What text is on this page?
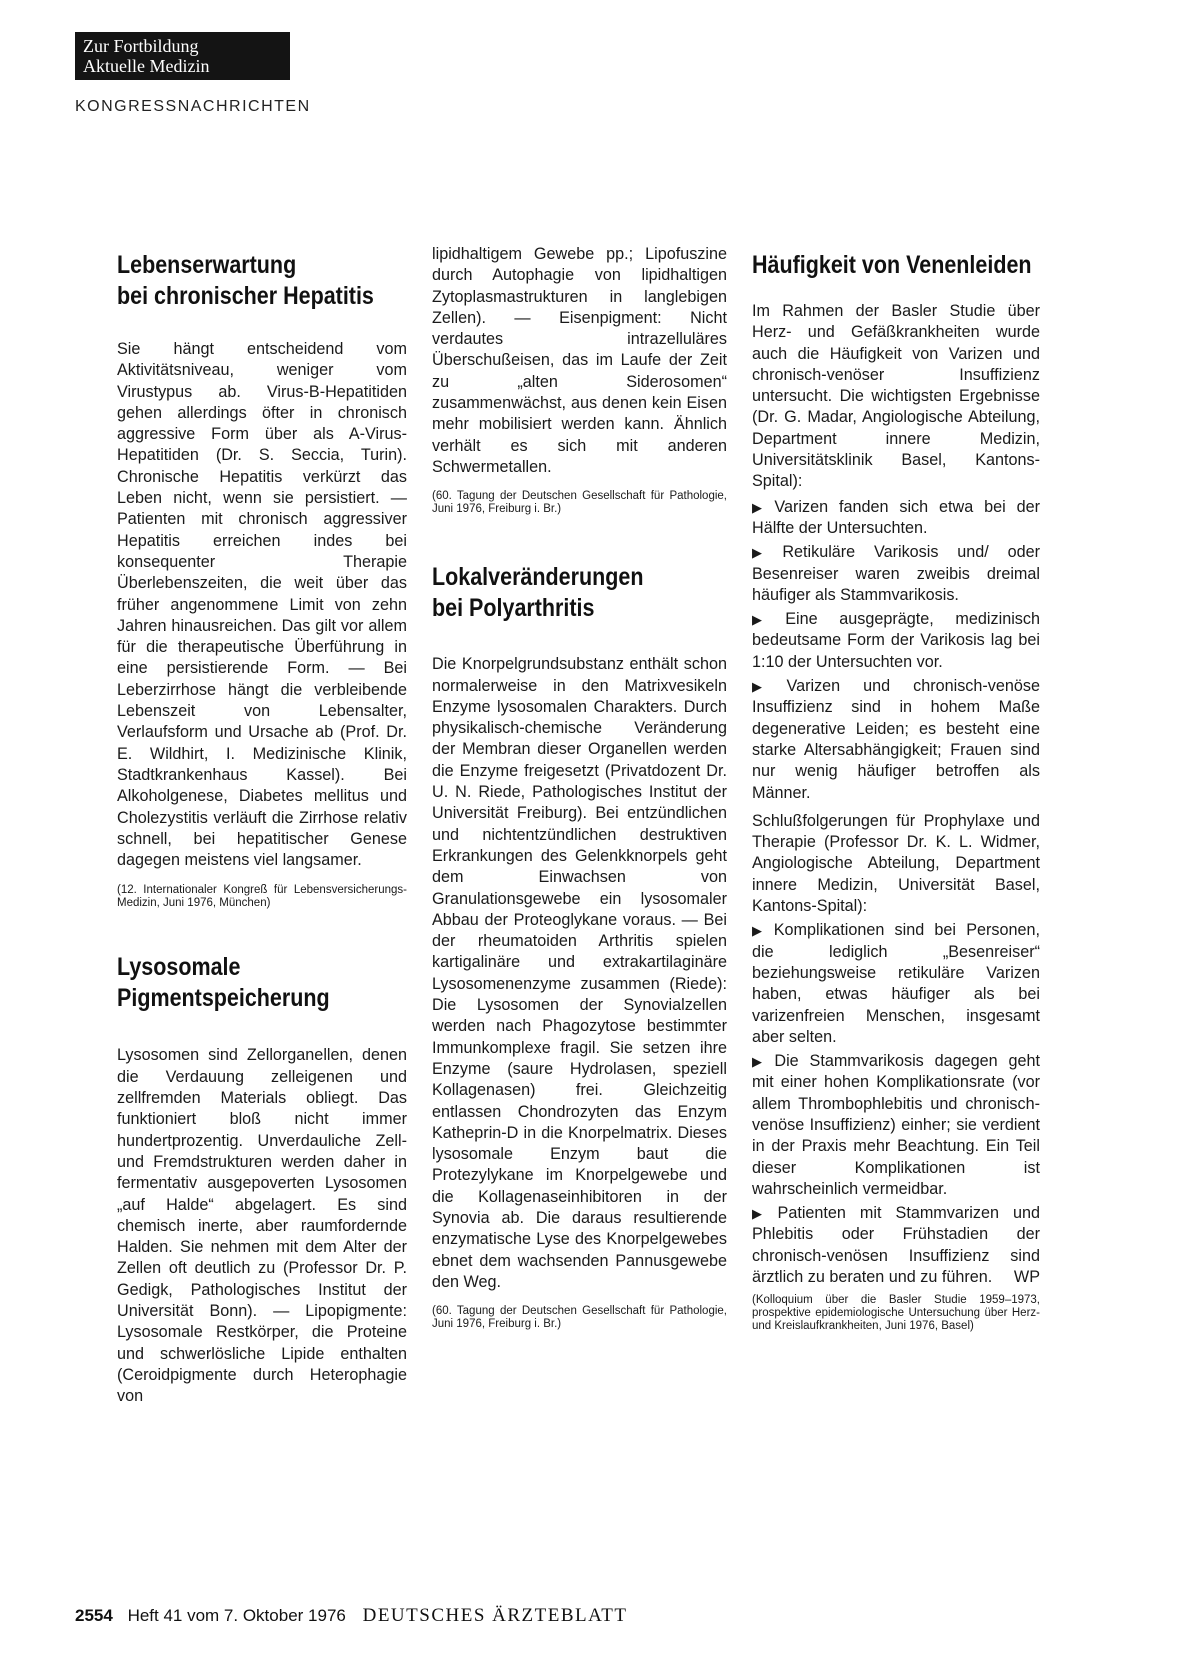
Zur Fortbildung
Aktuelle Medizin
KONGRESSNACHRICHTEN
Lebenserwartung
bei chronischer Hepatitis

Sie hängt entscheidend vom Aktivitätsniveau, weniger vom Virustypus ab. Virus-B-Hepatitiden gehen allerdings öfter in chronisch aggressive Form über als A-Virus-Hepatitiden (Dr. S. Seccia, Turin). Chronische Hepatitis verkürzt das Leben nicht, wenn sie persistiert. — Patienten mit chronisch aggressiver Hepatitis erreichen indes bei konsequenter Therapie Überlebenszeiten, die weit über das früher angenommene Limit von zehn Jahren hinausreichen. Das gilt vor allem für die therapeutische Überführung in eine persistierende Form. — Bei Leberzirrhose hängt die verbleibende Lebenszeit von Lebensalter, Verlaufsform und Ursache ab (Prof. Dr. E. Wildhirt, I. Medizinische Klinik, Stadtkrankenhaus Kassel). Bei Alkoholgenese, Diabetes mellitus und Cholezystitis verläuft die Zirrhose relativ schnell, bei hepatitischer Genese dagegen meistens viel langsamer.

(12. Internationaler Kongreß für Lebensversicherungs-Medizin, Juni 1976, München)

Lysosomale
Pigmentspeicherung

Lysosomen sind Zellorganellen, denen die Verdauung zelleigenen und zellfremden Materials obliegt. Das funktioniert bloß nicht immer hundertprozentig. Unverdauliche Zell- und Fremdstrukturen werden daher in fermentativ ausgepoverten Lysosomen „auf Halde“ abgelagert. Es sind chemisch inerte, aber raumfordernde Halden. Sie nehmen mit dem Alter der Zellen oft deutlich zu (Professor Dr. P. Gedigk, Pathologisches Institut der Universität Bonn). — Lipopigmente: Lysosomale Restkörper, die Proteine und schwerlösliche Lipide enthalten (Ceroidpigmente durch Heterophagie von

lipidhaltigem Gewebe pp.; Lipofuszine durch Autophagie von lipidhaltigen Zytoplasmastrukturen in langlebigen Zellen). — Eisenpigment: Nicht verdautes intrazelluläres Überschußeisen, das im Laufe der Zeit zu „alten Siderosomen“ zusammenwächst, aus denen kein Eisen mehr mobilisiert werden kann. Ähnlich verhält es sich mit anderen Schwermetallen.

(60. Tagung der Deutschen Gesellschaft für Pathologie, Juni 1976, Freiburg i. Br.)

Lokalveränderungen
bei Polyarthritis

Die Knorpelgrundsubstanz enthält schon normalerweise in den Matrixvesikeln Enzyme lysosomalen Charakters. Durch physikalisch-chemische Veränderung der Membran dieser Organellen werden die Enzyme freigesetzt (Privatdozent Dr. U. N. Riede, Pathologisches Institut der Universität Freiburg). Bei entzündlichen und nichtentzündlichen destruktiven Erkrankungen des Gelenkknorpels geht dem Einwachsen von Granulationsgewebe ein lysosomaler Abbau der Proteoglykane voraus. — Bei der rheumatoiden Arthritis spielen kartigalinäre und extrakartilaginäre Lysosomenenzyme zusammen (Riede): Die Lysosomen der Synovialzellen werden nach Phagozytose bestimmter Immunkomplexe fragil. Sie setzen ihre Enzyme (saure Hydrolasen, speziell Kollagenasen) frei. Gleichzeitig entlassen Chondrozyten das Enzym Katheprin-D in die Knorpelmatrix. Dieses lysosomale Enzym baut die Protezylykane im Knorpelgewebe und die Kollagenaseinhibitoren in der Synovia ab. Die daraus resultierende enzymatische Lyse des Knorpelgewebes ebnet dem wachsenden Pannusgewebe den Weg.

(60. Tagung der Deutschen Gesellschaft für Pathologie, Juni 1976, Freiburg i. Br.)

Häufigkeit von Venenleiden

Im Rahmen der Basler Studie über Herz- und Gefäßkrankheiten wurde auch die Häufigkeit von Varizen und chronisch-venöser Insuffizienz untersucht. Die wichtigsten Ergebnisse (Dr. G. Madar, Angiologische Abteilung, Department innere Medizin, Universitätsklinik Basel, Kantons-Spital):

▶ Varizen fanden sich etwa bei der Hälfte der Untersuchten.
▶ Retikuläre Varikosis und/ oder Besenreiser waren zweibis dreimal häufiger als Stammvarikosis.
▶ Eine ausgeprägte, medizinisch bedeutsame Form der Varikosis lag bei 1:10 der Untersuchten vor.
▶ Varizen und chronisch-venöse Insuffizienz sind in hohem Maße degenerative Leiden; es besteht eine starke Altersabhängigkeit; Frauen sind nur wenig häufiger betroffen als Männer.

Schlußfolgerungen für Prophylaxe und Therapie (Professor Dr. K. L. Widmer, Angiologische Abteilung, Department innere Medizin, Universität Basel, Kantons-Spital):

▶ Komplikationen sind bei Personen, die lediglich „Besenreiser“ beziehungsweise retikuläre Varizen haben, etwas häufiger als bei varizenfreien Menschen, insgesamt aber selten.
▶ Die Stammvarikosis dagegen geht mit einer hohen Komplikationsrate (vor allem Thrombophlebitis und chronisch-venöse Insuffizienz) einher; sie verdient in der Praxis mehr Beachtung. Ein Teil dieser Komplikationen ist wahrscheinlich vermeidbar.
▶ Patienten mit Stammvarizen und Phlebitis oder Frühstadien der chronisch-venösen Insuffizienz sind ärztlich zu beraten und zu führen.	WP

(Kolloquium über die Basler Studie 1959–1973, prospektive epidemiologische Untersuchung über Herz- und Kreislaufkrankheiten, Juni 1976, Basel)

2554 Heft 41 vom 7. Oktober 1976 DEUTSCHES ÄRZTEBLATT
